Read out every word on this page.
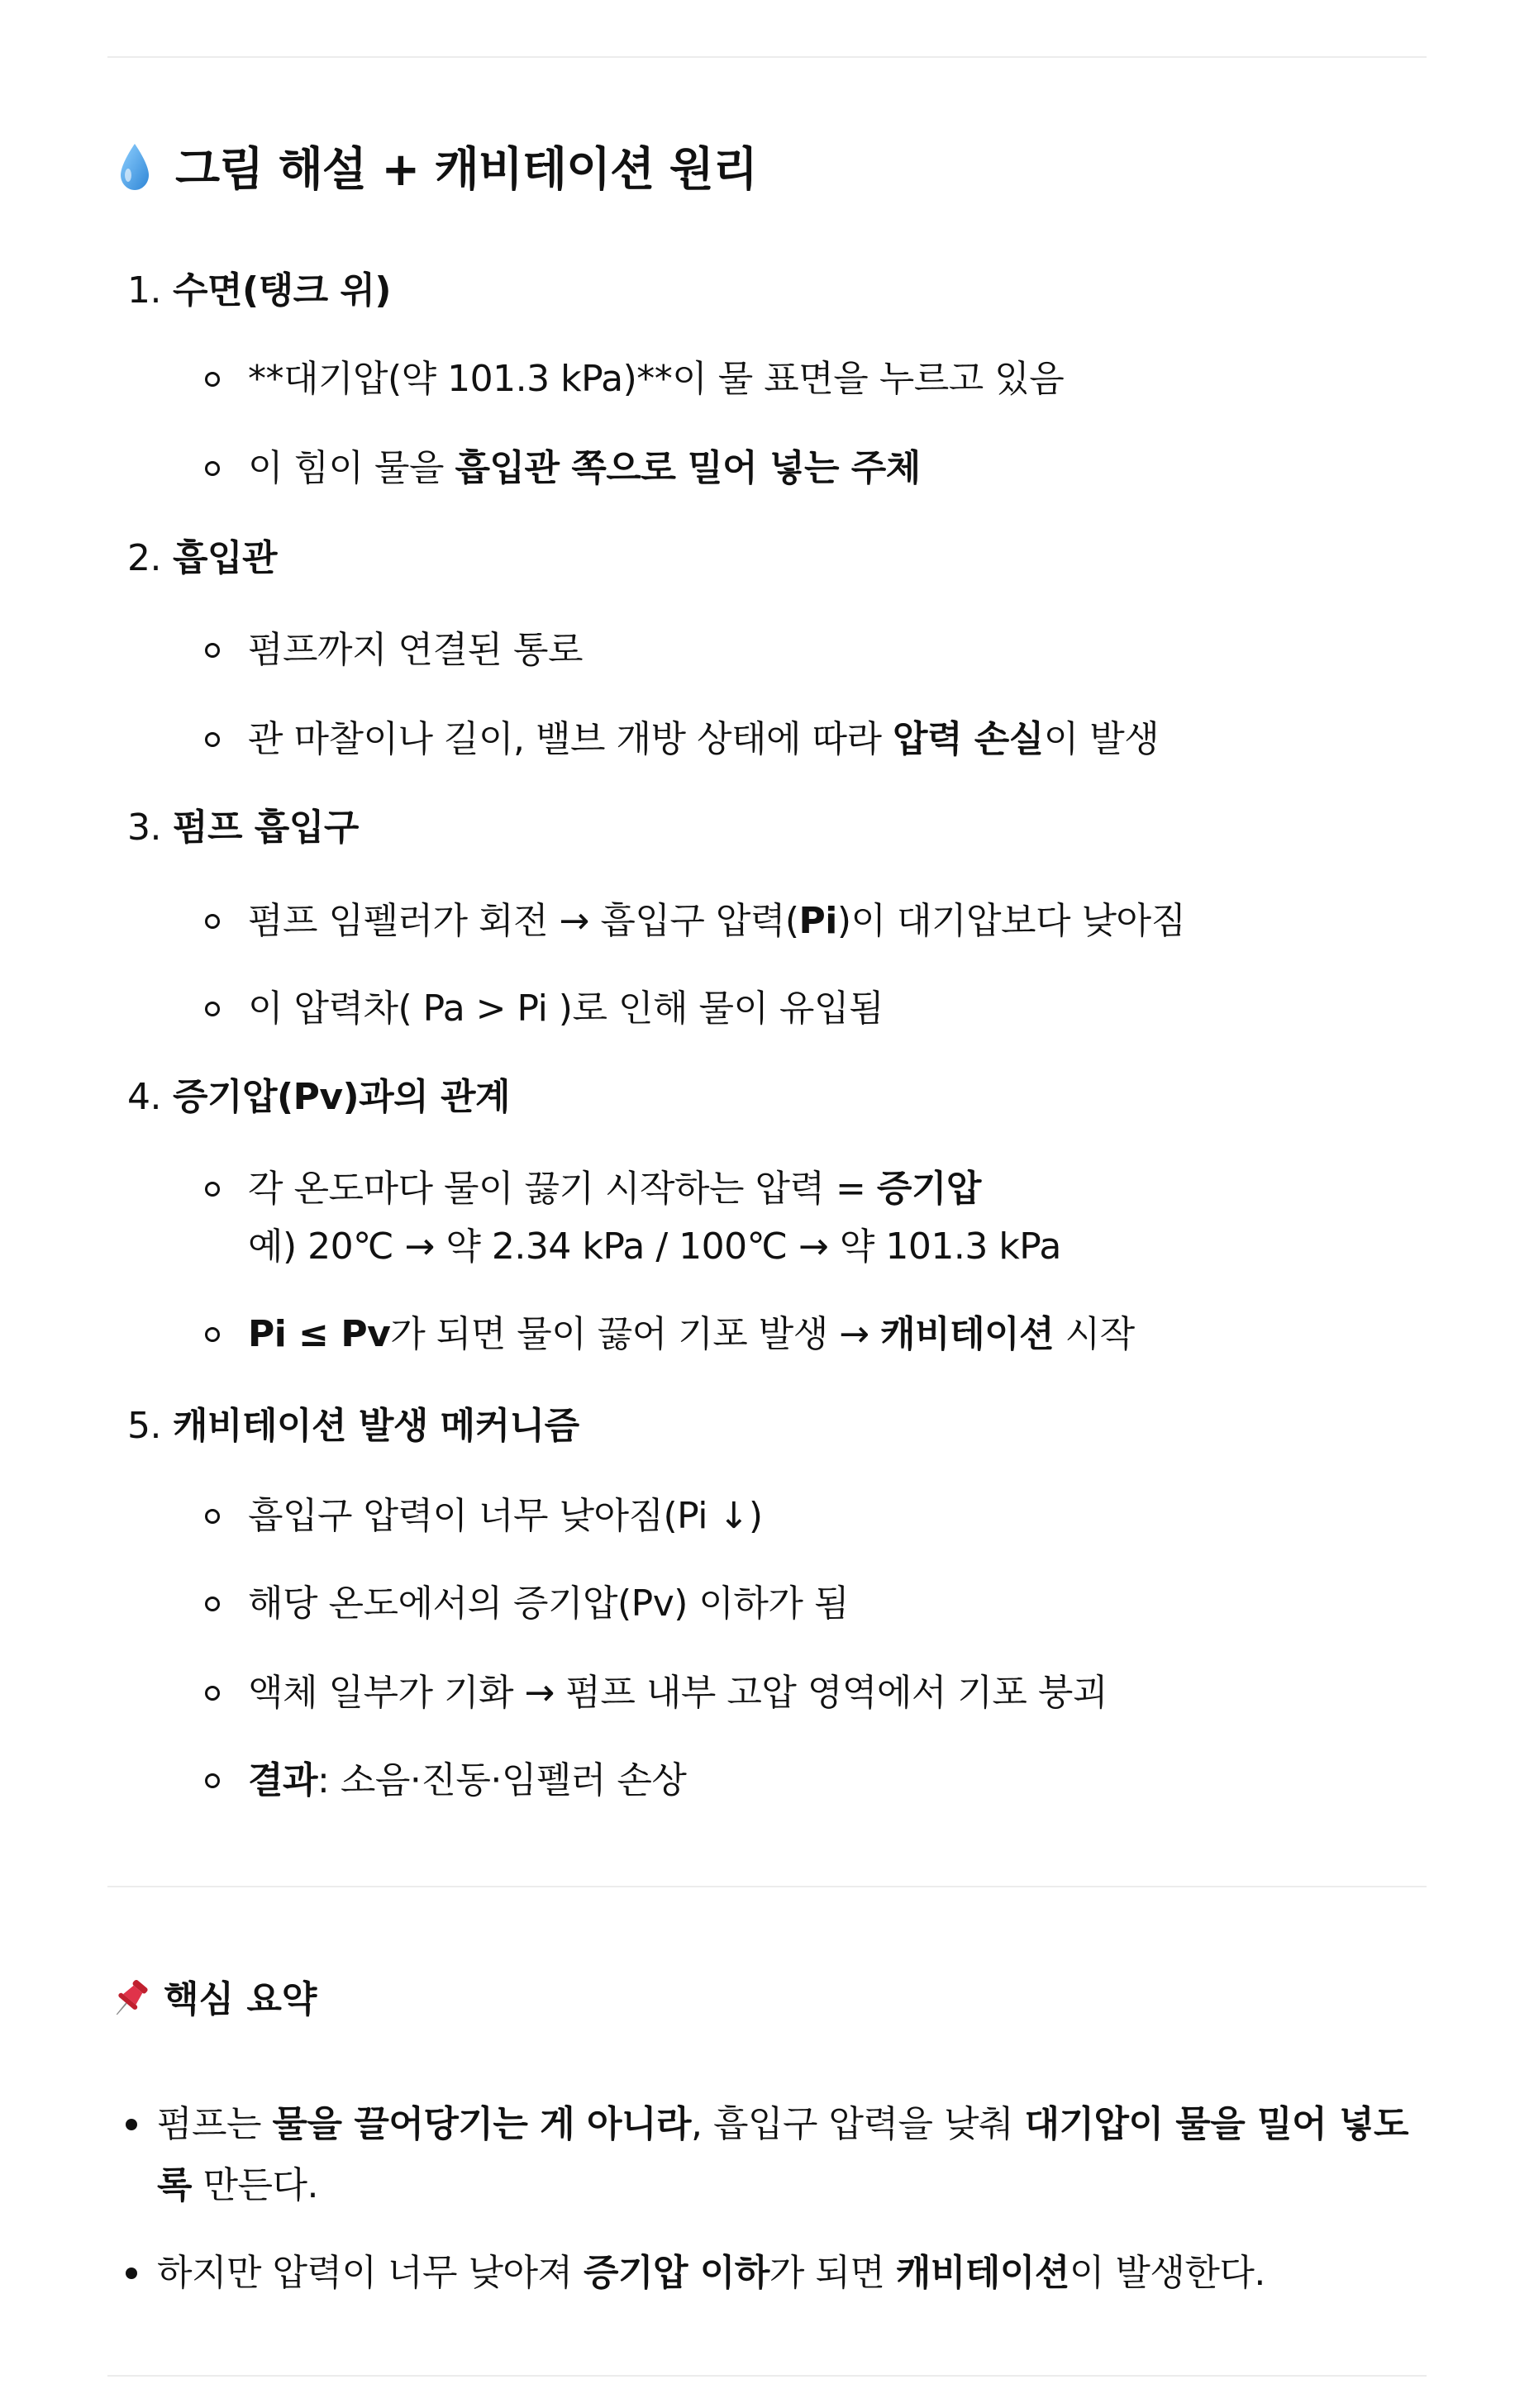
그림 해설 + 캐비테이션 원리
1. 수면(탱크 위)
**대기압(약 101.3 kPa)**이 물 표면을 누르고 있음
이 힘이 물을 흡입관 쪽으로 밀어 넣는 주체
2. 흡입관
펌프까지 연결된 통로
관 마찰이나 길이, 밸브 개방 상태에 따라 압력 손실이 발생
3. 펌프 흡입구
펌프 임펠러가 회전 → 흡입구 압력(Pi)이 대기압보다 낮아짐
이 압력차( Pa > Pi )로 인해 물이 유입됨
4. 증기압(Pv)과의 관계
각 온도마다 물이 끓기 시작하는 압력 = 증기압
예) 20℃ → 약 2.34 kPa / 100℃ → 약 101.3 kPa
Pi ≤ Pv가 되면 물이 끓어 기포 발생 → 캐비테이션 시작
5. 캐비테이션 발생 메커니즘
흡입구 압력이 너무 낮아짐(Pi ↓)
해당 온도에서의 증기압(Pv) 이하가 됨
액체 일부가 기화 → 펌프 내부 고압 영역에서 기포 붕괴
결과: 소음·진동·임펠러 손상
핵심 요약
펌프는 물을 끌어당기는 게 아니라, 흡입구 압력을 낮춰 대기압이 물을 밀어 넣도록 만든다.
하지만 압력이 너무 낮아져 증기압 이하가 되면 캐비테이션이 발생한다.
